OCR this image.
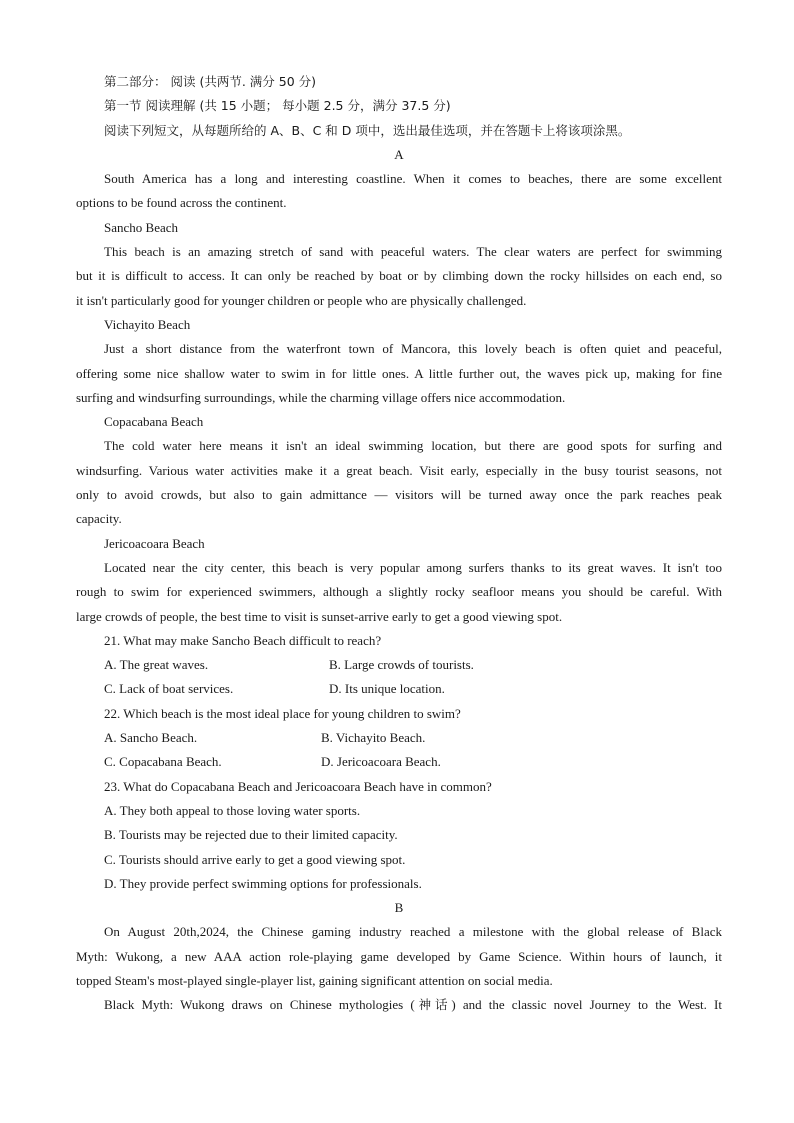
第二部分： 阅读 (共两节. 满分 50 分)
第一节 阅读理解 (共 15 小题； 每小题 2.5 分，满分 37.5 分)
阅读下列短文，从每题所给的 A、B、C 和 D 项中，选出最佳选项，并在答题卡上将该项涂黑。
A
South America has a long and interesting coastline. When it comes to beaches, there are some excellent
options to be found across the continent.
Sancho Beach
This beach is an amazing stretch of sand with peaceful waters. The clear waters are perfect for swimming
but it is difficult to access. It can only be reached by boat or by climbing down the rocky hillsides on each end, so
it isn't particularly good for younger children or people who are physically challenged.
Vichayito Beach
Just a short distance from the waterfront town of Mancora, this lovely beach is often quiet and peaceful,
offering some nice shallow water to swim in for little ones. A little further out, the waves pick up, making for fine
surfing and windsurfing surroundings, while the charming village offers nice accommodation.
Copacabana Beach
The cold water here means it isn't an ideal swimming location, but there are good spots for surfing and
windsurfing. Various water activities make it a great beach. Visit early, especially in the busy tourist seasons, not
only to avoid crowds, but also to gain admittance — visitors will be turned away once the park reaches peak
capacity.
Jericoacoara Beach
Located near the city center, this beach is very popular among surfers thanks to its great waves. It isn't too
rough to swim for experienced swimmers, although a slightly rocky seafloor means you should be careful. With
large crowds of people, the best time to visit is sunset-arrive early to get a good viewing spot.
21. What may make Sancho Beach difficult to reach?
A. The great waves.	B. Large crowds of tourists.
C. Lack of boat services.	D. Its unique location.
22. Which beach is the most ideal place for young children to swim?
A. Sancho Beach.	B. Vichayito Beach.
C. Copacabana Beach.	D. Jericoacoara Beach.
23. What do Copacabana Beach and Jericoacoara Beach have in common?
A. They both appeal to those loving water sports.
B. Tourists may be rejected due to their limited capacity.
C. Tourists should arrive early to get a good viewing spot.
D. They provide perfect swimming options for professionals.
B
On August 20th,2024, the Chinese gaming industry reached a milestone with the global release of Black
Myth: Wukong, a new AAA action role-playing game developed by Game Science. Within hours of launch, it
topped Steam's most-played single-player list, gaining significant attention on social media.
Black Myth: Wukong draws on Chinese mythologies (神话) and the classic novel Journey to the West. It
